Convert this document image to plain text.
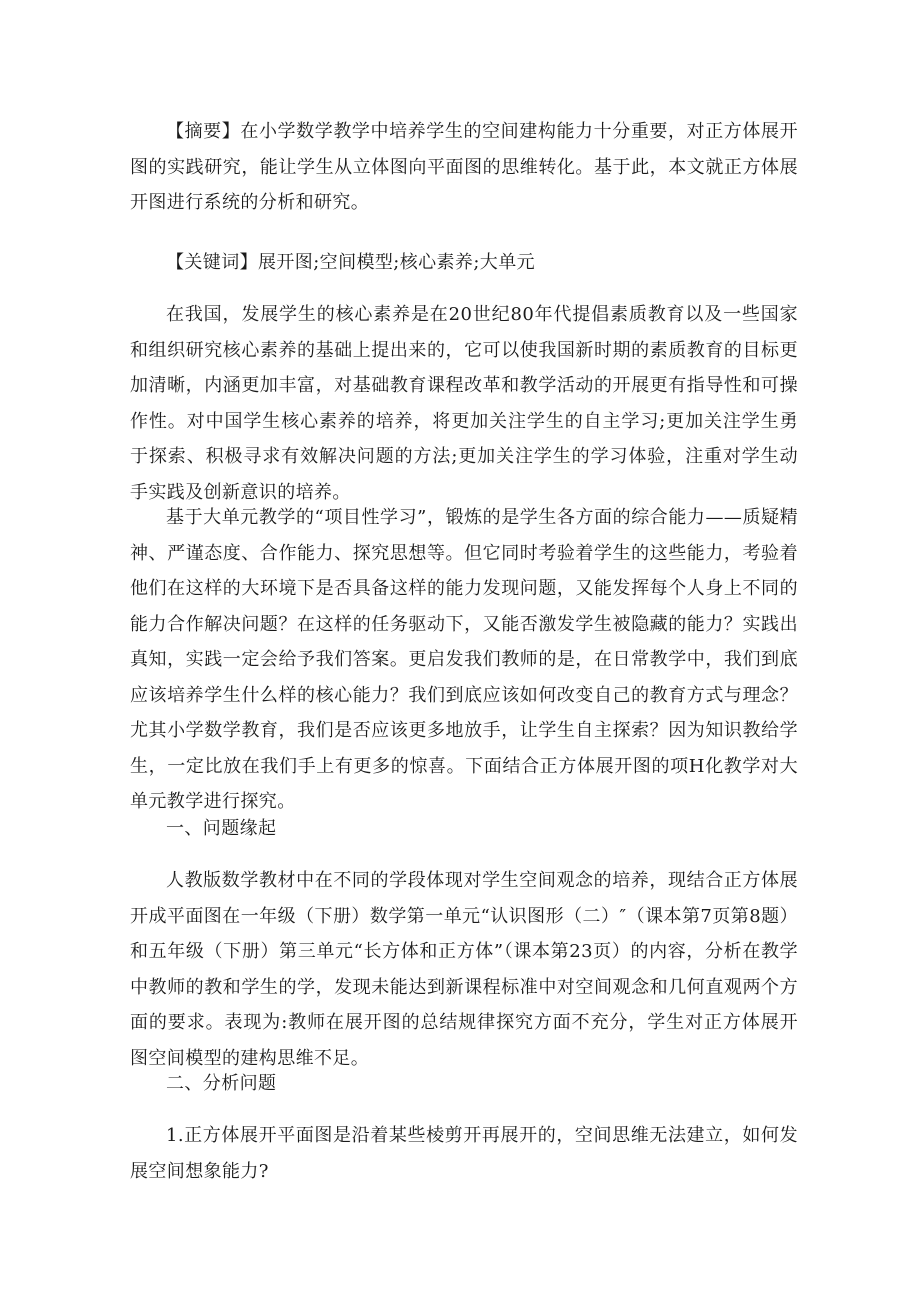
【摘要】在小学数学教学中培养学生的空间建构能力十分重要，对正方体展开图的实践研究，能让学生从立体图向平面图的思维转化。基于此，本文就正方体展开图进行系统的分析和研究。

【关键词】展开图;空间模型;核心素养;大单元

在我国，发展学生的核心素养是在20世纪80年代提倡素质教育以及一些国家和组织研究核心素养的基础上提出来的，它可以使我国新时期的素质教育的目标更加清晰，内涵更加丰富，对基础教育课程改革和教学活动的开展更有指导性和可操作性。对中国学生核心素养的培养，将更加关注学生的自主学习;更加关注学生勇于探索、积极寻求有效解决问题的方法;更加关注学生的学习体验，注重对学生动手实践及创新意识的培养。

基于大单元教学的“项目性学习”，锻炼的是学生各方面的综合能力——质疑精神、严谨态度、合作能力、探究思想等。但它同时考验着学生的这些能力，考验着他们在这样的大环境下是否具备这样的能力发现问题，又能发挥每个人身上不同的能力合作解决问题？在这样的任务驱动下，又能否激发学生被隐藏的能力？实践出真知，实践一定会给予我们答案。更启发我们教师的是，在日常教学中，我们到底应该培养学生什么样的核心能力？我们到底应该如何改变自己的教育方式与理念？尤其小学数学教育，我们是否应该更多地放手，让学生自主探索？因为知识教给学生，一定比放在我们手上有更多的惊喜。下面结合正方体展开图的项H化教学对大单元教学进行探究。

一、问题缘起

人教版数学教材中在不同的学段体现对学生空间观念的培养，现结合正方体展开成平面图在一年级（下册）数学第一单元“认识图形（二）″（课本第7页第8题）和五年级（下册）第三单元“长方体和正方体”（课本第23页）的内容，分析在教学中教师的教和学生的学，发现未能达到新课程标准中对空间观念和几何直观两个方面的要求。表现为:教师在展开图的总结规律探究方面不充分，学生对正方体展开图空间模型的建构思维不足。

二、分析问题

1.正方体展开平面图是沿着某些棱剪开再展开的，空间思维无法建立，如何发展空间想象能力?
